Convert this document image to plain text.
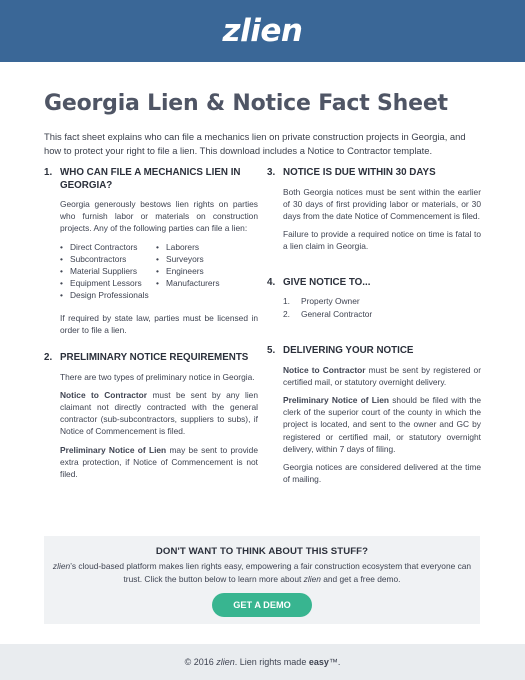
zlien
Georgia Lien & Notice Fact Sheet

This fact sheet explains who can file a mechanics lien on private construction projects in Georgia, and how to protect your right to file a lien. This download includes a Notice to Contractor template.

1. WHO CAN FILE A MECHANICS LIEN IN GEORGIA?

Georgia generously bestows lien rights on parties who furnish labor or materials on construction projects. Any of the following parties can file a lien:

• Direct Contractors
• Subcontractors
• Material Suppliers
• Equipment Lessors
• Design Professionals
• Laborers
• Surveyors
• Engineers
• Manufacturers

If required by state law, parties must be licensed in order to file a lien.

2. PRELIMINARY NOTICE REQUIREMENTS

There are two types of preliminary notice in Georgia.

Notice to Contractor must be sent by any lien claimant not directly contracted with the general contractor (sub-subcontractors, suppliers to subs), if Notice of Commencement is filed.

Preliminary Notice of Lien may be sent to provide extra protection, if Notice of Commencement is not filed.

3. NOTICE IS DUE WITHIN 30 DAYS

Both Georgia notices must be sent within the earlier of 30 days of first providing labor or materials, or 30 days from the date Notice of Commencement is filed.

Failure to provide a required notice on time is fatal to a lien claim in Georgia.

4. GIVE NOTICE TO...
1.	Property Owner
2.	General Contractor
5. DELIVERING YOUR NOTICE

Notice to Contractor must be sent by registered or certified mail, or statutory overnight delivery.

Preliminary Notice of Lien should be filed with the clerk of the superior court of the county in which the project is located, and sent to the owner and GC by registered or certified mail, or statutory overnight delivery, within 7 days of filing.

Georgia notices are considered delivered at the time of mailing.

DON'T WANT TO THINK ABOUT THIS STUFF?

zlien’s cloud-based platform makes lien rights easy, empowering a fair construction ecosystem that everyone can trust. Click the button below to learn more about zlien and get a free demo.

GET A DEMO
© 2016 zlien. Lien rights made easy™.
